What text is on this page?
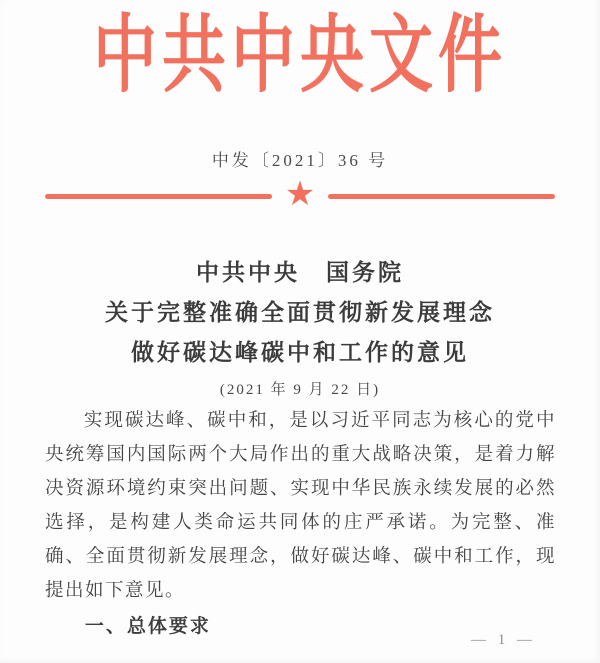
中共中央文件
中发〔2021〕36 号
★
中共中央　国务院
关于完整准确全面贯彻新发展理念
做好碳达峰碳中和工作的意见
(2021 年 9 月 22 日)

实现碳达峰、碳中和，是以习近平同志为核心的党中央统筹国内国际两个大局作出的重大战略决策，是着力解决资源环境约束突出问题、实现中华民族永续发展的必然选择，是构建人类命运共同体的庄严承诺。为完整、准确、全面贯彻新发展理念，做好碳达峰、碳中和工作，现提出如下意见。

一、总体要求
— 1 —
